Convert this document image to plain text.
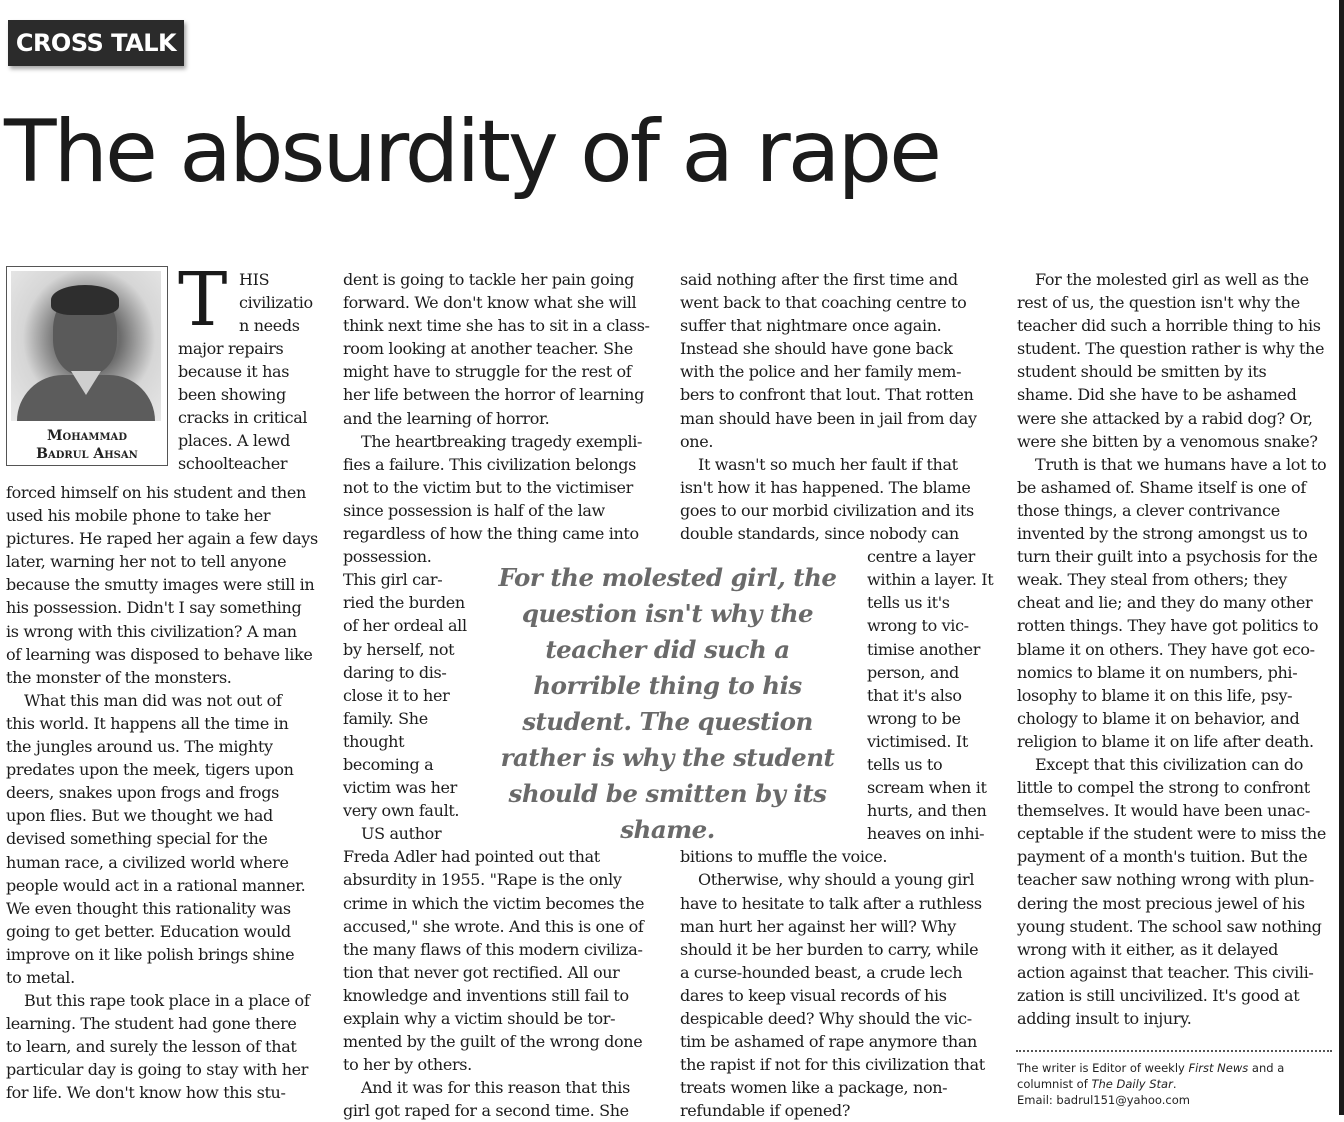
CROSS TALK
The absurdity of a rape
Mohammad
Badrul Ahsan
T HIS
civilizatio
n needs
major repairs
because it has
been showing
cracks in critical
places. A lewd
schoolteacher
forced himself on his student and then
used his mobile phone to take her
pictures. He raped her again a few days
later, warning her not to tell anyone
because the smutty images were still in
his possession. Didn't I say something
is wrong with this civilization? A man
of learning was disposed to behave like
the monster of the monsters.
What this man did was not out of
this world. It happens all the time in
the jungles around us. The mighty
predates upon the meek, tigers upon
deers, snakes upon frogs and frogs
upon flies. But we thought we had
devised something special for the
human race, a civilized world where
people would act in a rational manner.
We even thought this rationality was
going to get better. Education would
improve on it like polish brings shine
to metal.
But this rape took place in a place of
learning. The student had gone there
to learn, and surely the lesson of that
particular day is going to stay with her
for life. We don't know how this stu-
dent is going to tackle her pain going
forward. We don't know what she will
think next time she has to sit in a class-
room looking at another teacher. She
might have to struggle for the rest of
her life between the horror of learning
and the learning of horror.
The heartbreaking tragedy exempli-
fies a failure. This civilization belongs
not to the victim but to the victimiser
since possession is half of the law
regardless of how the thing came into
possession.
This girl car-
ried the burden
of her ordeal all
by herself, not
daring to dis-
close it to her
family. She
thought
becoming a
victim was her
very own fault.
US author
Freda Adler had pointed out that
absurdity in 1955. "Rape is the only
crime in which the victim becomes the
accused," she wrote. And this is one of
the many flaws of this modern civiliza-
tion that never got rectified. All our
knowledge and inventions still fail to
explain why a victim should be tor-
mented by the guilt of the wrong done
to her by others.
And it was for this reason that this
girl got raped for a second time. She
said nothing after the first time and
went back to that coaching centre to
suffer that nightmare once again.
Instead she should have gone back
with the police and her family mem-
bers to confront that lout. That rotten
man should have been in jail from day
one.
It wasn't so much her fault if that
isn't how it has happened. The blame
goes to our morbid civilization and its
double standards, since nobody can
centre a layer
within a layer. It
tells us it's
wrong to vic-
timise another
person, and
that it's also
wrong to be
victimised. It
tells us to
scream when it
hurts, and then
heaves on inhi-
bitions to muffle the voice.
Otherwise, why should a young girl
have to hesitate to talk after a ruthless
man hurt her against her will? Why
should it be her burden to carry, while
a curse-hounded beast, a crude lech
dares to keep visual records of his
despicable deed? Why should the vic-
tim be ashamed of rape anymore than
the rapist if not for this civilization that
treats women like a package, non-
refundable if opened?

For the molested girl, the question isn't why the teacher did such a horrible thing to his student. The question rather is why the student should be smitten by its shame.

For the molested girl as well as the
rest of us, the question isn't why the
teacher did such a horrible thing to his
student. The question rather is why the
student should be smitten by its
shame. Did she have to be ashamed
were she attacked by a rabid dog? Or,
were she bitten by a venomous snake?
Truth is that we humans have a lot to
be ashamed of. Shame itself is one of
those things, a clever contrivance
invented by the strong amongst us to
turn their guilt into a psychosis for the
weak. They steal from others; they
cheat and lie; and they do many other
rotten things. They have got politics to
blame it on others. They have got eco-
nomics to blame it on numbers, phi-
losophy to blame it on this life, psy-
chology to blame it on behavior, and
religion to blame it on life after death.
Except that this civilization can do
little to compel the strong to confront
themselves. It would have been unac-
ceptable if the student were to miss the
payment of a month's tuition. But the
teacher saw nothing wrong with plun-
dering the most precious jewel of his
young student. The school saw nothing
wrong with it either, as it delayed
action against that teacher. This civili-
zation is still uncivilized. It's good at
adding insult to injury.

The writer is Editor of weekly First News and a
columnist of The Daily Star.
Email: badrul151@yahoo.com
